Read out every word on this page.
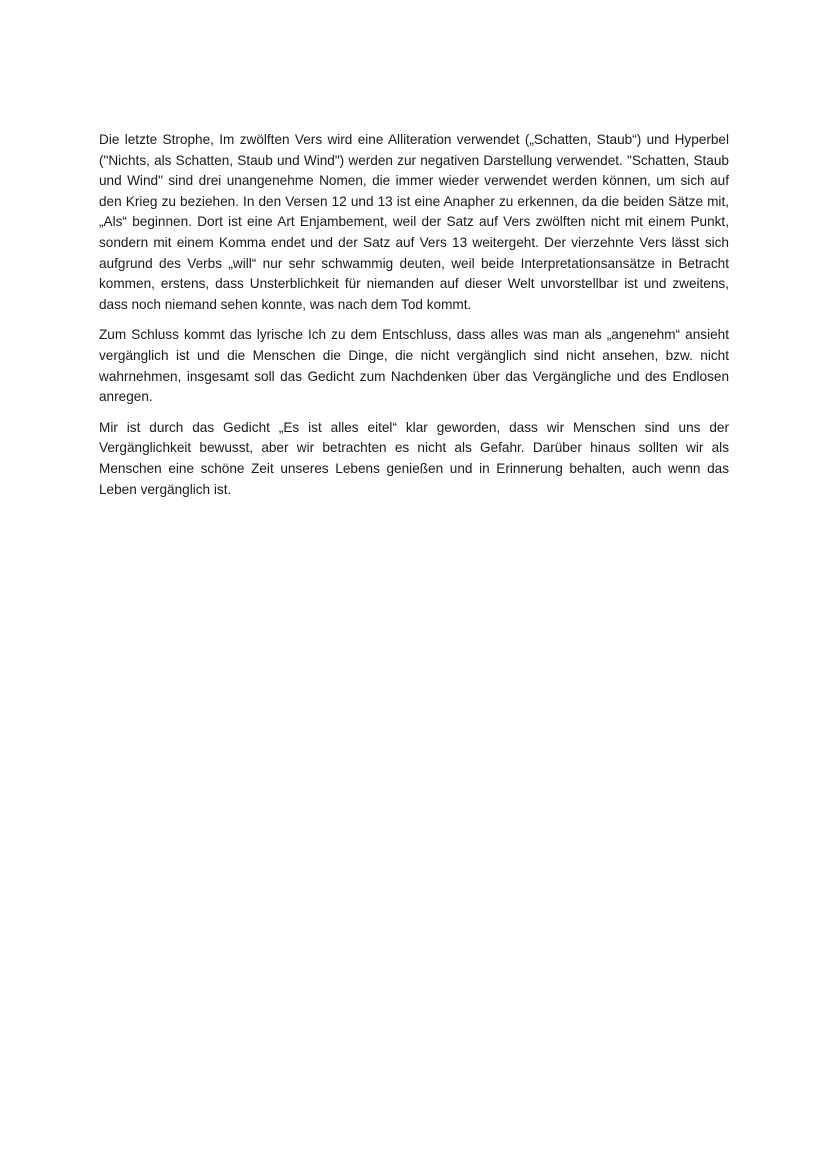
Die letzte Strophe, Im zwölften Vers wird eine Alliteration verwendet („Schatten, Staub“) und Hyperbel ("Nichts, als Schatten, Staub und Wind") werden zur negativen Darstellung verwendet. "Schatten, Staub und Wind" sind drei unangenehme Nomen, die immer wieder verwendet werden können, um sich auf den Krieg zu beziehen. In den Versen 12 und 13 ist eine Anapher zu erkennen, da die beiden Sätze mit, „Als“ beginnen. Dort ist eine Art Enjambement, weil der Satz auf Vers zwölften nicht mit einem Punkt, sondern mit einem Komma endet und der Satz auf Vers 13 weitergeht. Der vierzehnte Vers lässt sich aufgrund des Verbs „will“ nur sehr schwammig deuten, weil beide Interpretationsansätze in Betracht kommen, erstens, dass Unsterblichkeit für niemanden auf dieser Welt unvorstellbar ist und zweitens, dass noch niemand sehen konnte, was nach dem Tod kommt.

Zum Schluss kommt das lyrische Ich zu dem Entschluss, dass alles was man als „angenehm“ ansieht vergänglich ist und die Menschen die Dinge, die nicht vergänglich sind nicht ansehen, bzw. nicht wahrnehmen, insgesamt soll das Gedicht zum Nachdenken über das Vergängliche und des Endlosen anregen.

Mir ist durch das Gedicht „Es ist alles eitel“ klar geworden, dass wir Menschen sind uns der Vergänglichkeit bewusst, aber wir betrachten es nicht als Gefahr. Darüber hinaus sollten wir als Menschen eine schöne Zeit unseres Lebens genießen und in Erinnerung behalten, auch wenn das Leben vergänglich ist.
